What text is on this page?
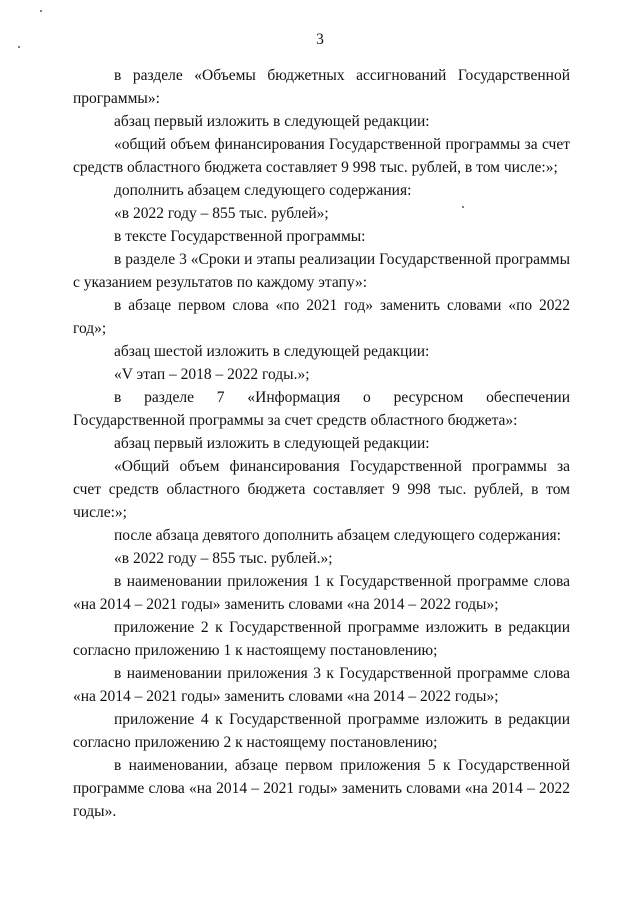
3

в разделе «Объемы бюджетных ассигнований Государственной программы»:

абзац первый изложить в следующей редакции:

«общий объем финансирования Государственной программы за счет средств областного бюджета составляет 9 998 тыс. рублей, в том числе:»;

дополнить абзацем следующего содержания:

«в 2022 году – 855 тыс. рублей»;

в тексте Государственной программы:

в разделе 3 «Сроки и этапы реализации Государственной программы с указанием результатов по каждому этапу»:

в абзаце первом слова «по 2021 год» заменить словами «по 2022 год»;

абзац шестой изложить в следующей редакции:

«V этап – 2018 – 2022 годы.»;

в разделе 7 «Информация о ресурсном обеспечении Государственной программы за счет средств областного бюджета»:

абзац первый изложить в следующей редакции:

«Общий объем финансирования Государственной программы за счет средств областного бюджета составляет 9 998 тыс. рублей, в том числе:»;

после абзаца девятого дополнить абзацем следующего содержания:

«в 2022 году – 855 тыс. рублей.»;

в наименовании приложения 1 к Государственной программе слова «на 2014 – 2021 годы» заменить словами «на 2014 – 2022 годы»;

приложение 2 к Государственной программе изложить в редакции согласно приложению 1 к настоящему постановлению;

в наименовании приложения 3 к Государственной программе слова «на 2014 – 2021 годы» заменить словами «на 2014 – 2022 годы»;

приложение 4 к Государственной программе изложить в редакции согласно приложению 2 к настоящему постановлению;

в наименовании, абзаце первом приложения 5 к Государственной программе слова «на 2014 – 2021 годы» заменить словами «на 2014 – 2022 годы».
